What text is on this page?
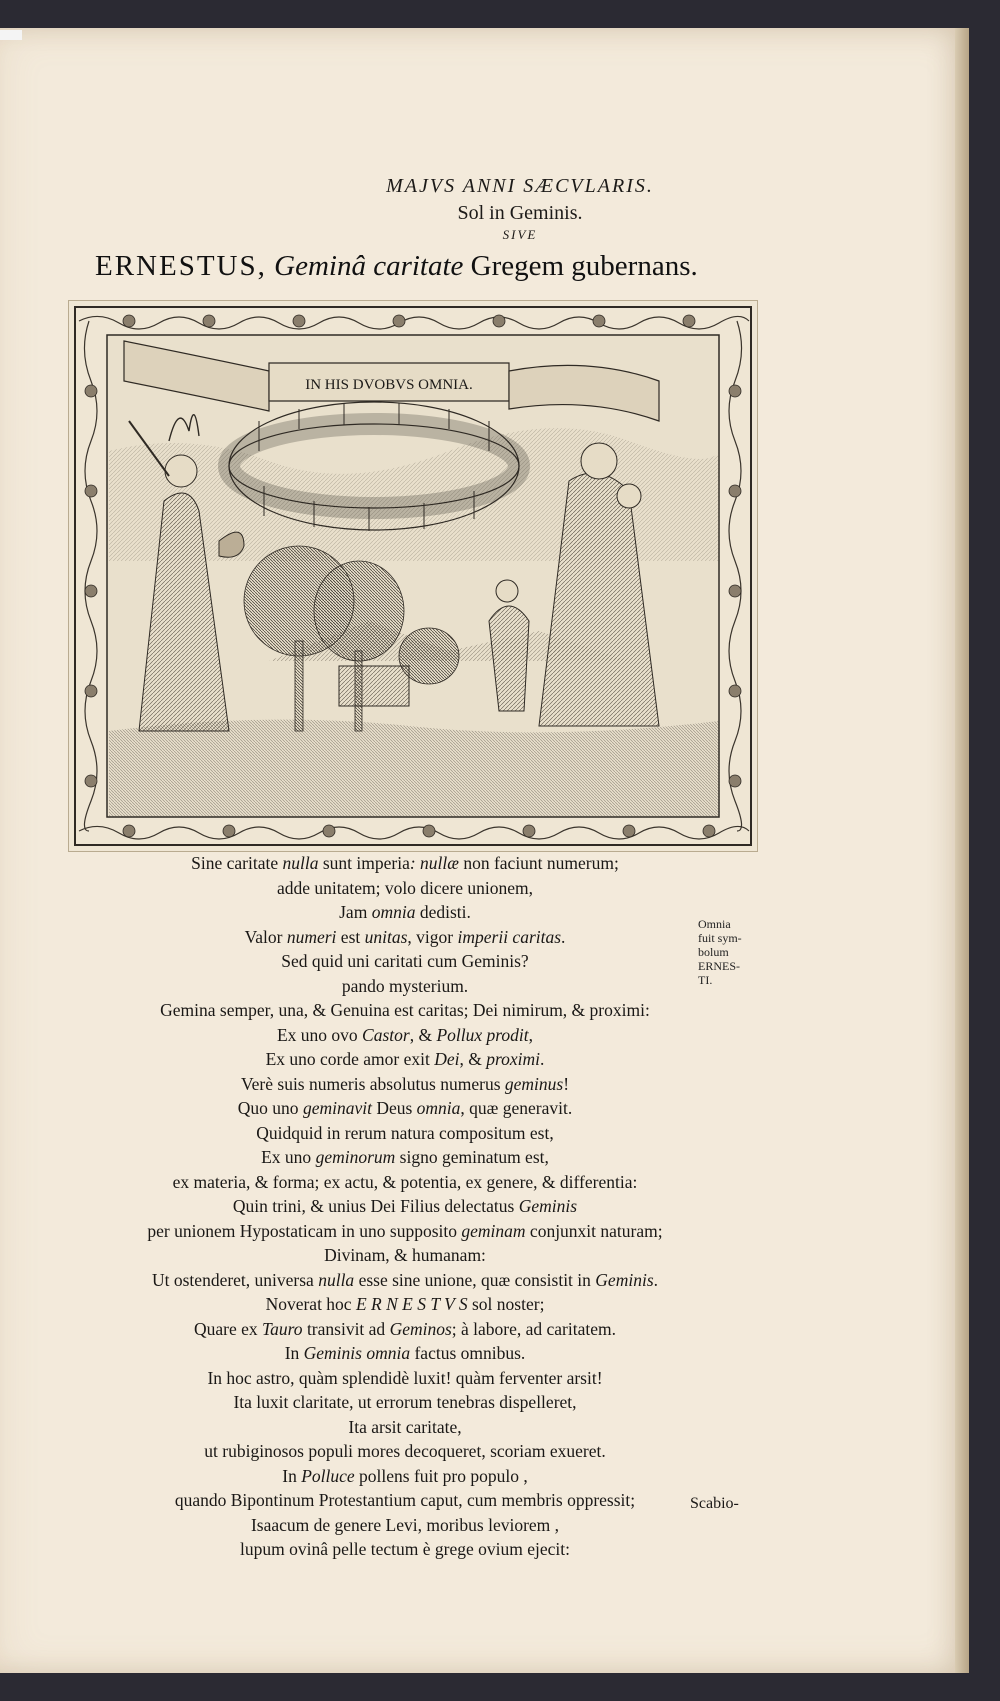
MAJVS ANNI SÆCVLARIS.
Sol in Geminis.
SIVE
ERNESTUS, Geminâ caritate Gregem gubernans.
IN HIS DVOBVS OMNIA.
Sine caritate nulla sunt imperia: nullæ non faciunt numerum;
adde unitatem; volo dicere unionem,
Jam omnia dedisti.
Valor numeri est unitas, vigor imperii caritas.
Sed quid uni caritati cum Geminis?
pando mysterium.
Gemina semper, una, & Genuina est caritas; Dei nimirum, & proximi:
Ex uno ovo Castor, & Pollux prodit,
Ex uno corde amor exit Dei, & proximi.
Verè suis numeris absolutus numerus geminus!
Quo uno geminavit Deus omnia, quæ generavit.
Quidquid in rerum natura compositum est,
Ex uno geminorum signo geminatum est,
ex materia, & forma; ex actu, & potentia, ex genere, & differentia:
Quin trini, & unius Dei Filius delectatus Geminis
per unionem Hypostaticam in uno supposito geminam conjunxit naturam;
Divinam, & humanam:
Ut ostenderet, universa nulla esse sine unione, quæ consistit in Geminis.
Noverat hoc E R N E S T V S sol noster;
Quare ex Tauro transivit ad Geminos; à labore, ad caritatem.
In Geminis omnia factus omnibus.
In hoc astro, quàm splendidè luxit! quàm ferventer arsit!
Ita luxit claritate, ut errorum tenebras dispelleret,
Ita arsit caritate,
ut rubiginosos populi mores decoqueret, scoriam exueret.
In Polluce pollens fuit pro populo ,
quando Bipontinum Protestantium caput, cum membris oppressit;
Isaacum de genere Levi, moribus leviorem ,
lupum ovinâ pelle tectum è grege ovium ejecit:
Omnia
fuit sym-
bolum
ERNES-
TI.
Scabio-
